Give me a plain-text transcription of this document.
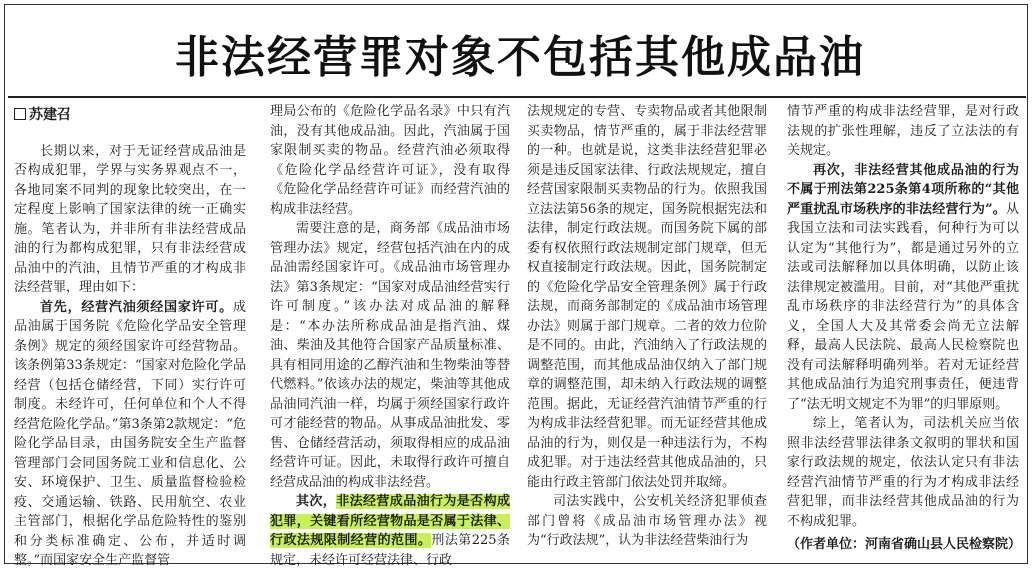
非法经营罪对象不包括其他成品油
苏建召

长期以来，对于无证经营成品油是否构成犯罪，学界与实务界观点不一，各地同案不同判的现象比较突出，在一定程度上影响了国家法律的统一正确实施。笔者认为，并非所有非法经营成品油的行为都构成犯罪，只有非法经营成品油中的汽油，且情节严重的才构成非法经营罪，理由如下：

首先，经营汽油须经国家许可。成品油属于国务院《危险化学品安全管理条例》规定的须经国家许可经营物品。该条例第33条规定：“国家对危险化学品经营（包括仓储经营，下同）实行许可制度。未经许可，任何单位和个人不得经营危险化学品。”第3条第2款规定：“危险化学品目录，由国务院安全生产监督管理部门会同国务院工业和信息化、公安、环境保护、卫生、质量监督检验检疫、交通运输、铁路、民用航空、农业主管部门，根据化学品危险特性的鉴别和分类标准确定、公布，并适时调整。”而国家安全生产监督管

理局公布的《危险化学品名录》中只有汽油，没有其他成品油。因此，汽油属于国家限制买卖的物品。经营汽油必须取得《危险化学品经营许可证》，没有取得《危险化学品经营许可证》而经营汽油的构成非法经营。

需要注意的是，商务部《成品油市场管理办法》规定，经营包括汽油在内的成品油需经国家许可。《成品油市场管理办法》第3条规定：“国家对成品油经营实行许可制度。”该办法对成品油的解释是：“本办法所称成品油是指汽油、煤油、柴油及其他符合国家产品质量标准、具有相同用途的乙醇汽油和生物柴油等替代燃料。”依该办法的规定，柴油等其他成品油同汽油一样，均属于须经国家行政许可才能经营的物品。从事成品油批发、零售、仓储经营活动，须取得相应的成品油经营许可证。因此，未取得行政许可擅自经营成品油的构成非法经营。

其次，非法经营成品油行为是否构成犯罪，关键看所经营物品是否属于法律、行政法规限制经营的范围。刑法第225条规定，未经许可经营法律、行政

法规规定的专营、专卖物品或者其他限制买卖物品，情节严重的，属于非法经营罪的一种。也就是说，这类非法经营犯罪必须是违反国家法律、行政法规规定，擅自经营国家限制买卖物品的行为。依照我国立法法第56条的规定，国务院根据宪法和法律，制定行政法规。而国务院下属的部委有权依照行政法规制定部门规章，但无权直接制定行政法规。因此，国务院制定的《危险化学品安全管理条例》属于行政法规，而商务部制定的《成品油市场管理办法》则属于部门规章。二者的效力位阶是不同的。由此，汽油纳入了行政法规的调整范围，而其他成品油仅纳入了部门规章的调整范围，却未纳入行政法规的调整范围。据此，无证经营汽油情节严重的行为构成非法经营犯罪。而无证经营其他成品油的行为，则仅是一种违法行为，不构成犯罪。对于违法经营其他成品油的，只能由行政主管部门依法处罚并取缔。

司法实践中，公安机关经济犯罪侦查部门曾将《成品油市场管理办法》视为“行政法规”，认为非法经营柴油行为

情节严重的构成非法经营罪，是对行政法规的扩张性理解，违反了立法法的有关规定。

再次，非法经营其他成品油的行为不属于刑法第225条第4项所称的“其他严重扰乱市场秩序的非法经营行为”。从我国立法和司法实践看，何种行为可以认定为“其他行为”，都是通过另外的立法或司法解释加以具体明确，以防止该法律规定被滥用。目前，对“其他严重扰乱市场秩序的非法经营行为”的具体含义，全国人大及其常委会尚无立法解释，最高人民法院、最高人民检察院也没有司法解释明确列举。若对无证经营其他成品油行为追究刑事责任，便违背了“法无明文规定不为罪”的归罪原则。

综上，笔者认为，司法机关应当依照非法经营罪法律条文叙明的罪状和国家行政法规的规定，依法认定只有非法经营汽油情节严重的行为才构成非法经营犯罪，而非法经营其他成品油的行为不构成犯罪。

（作者单位：河南省确山县人民检察院）
